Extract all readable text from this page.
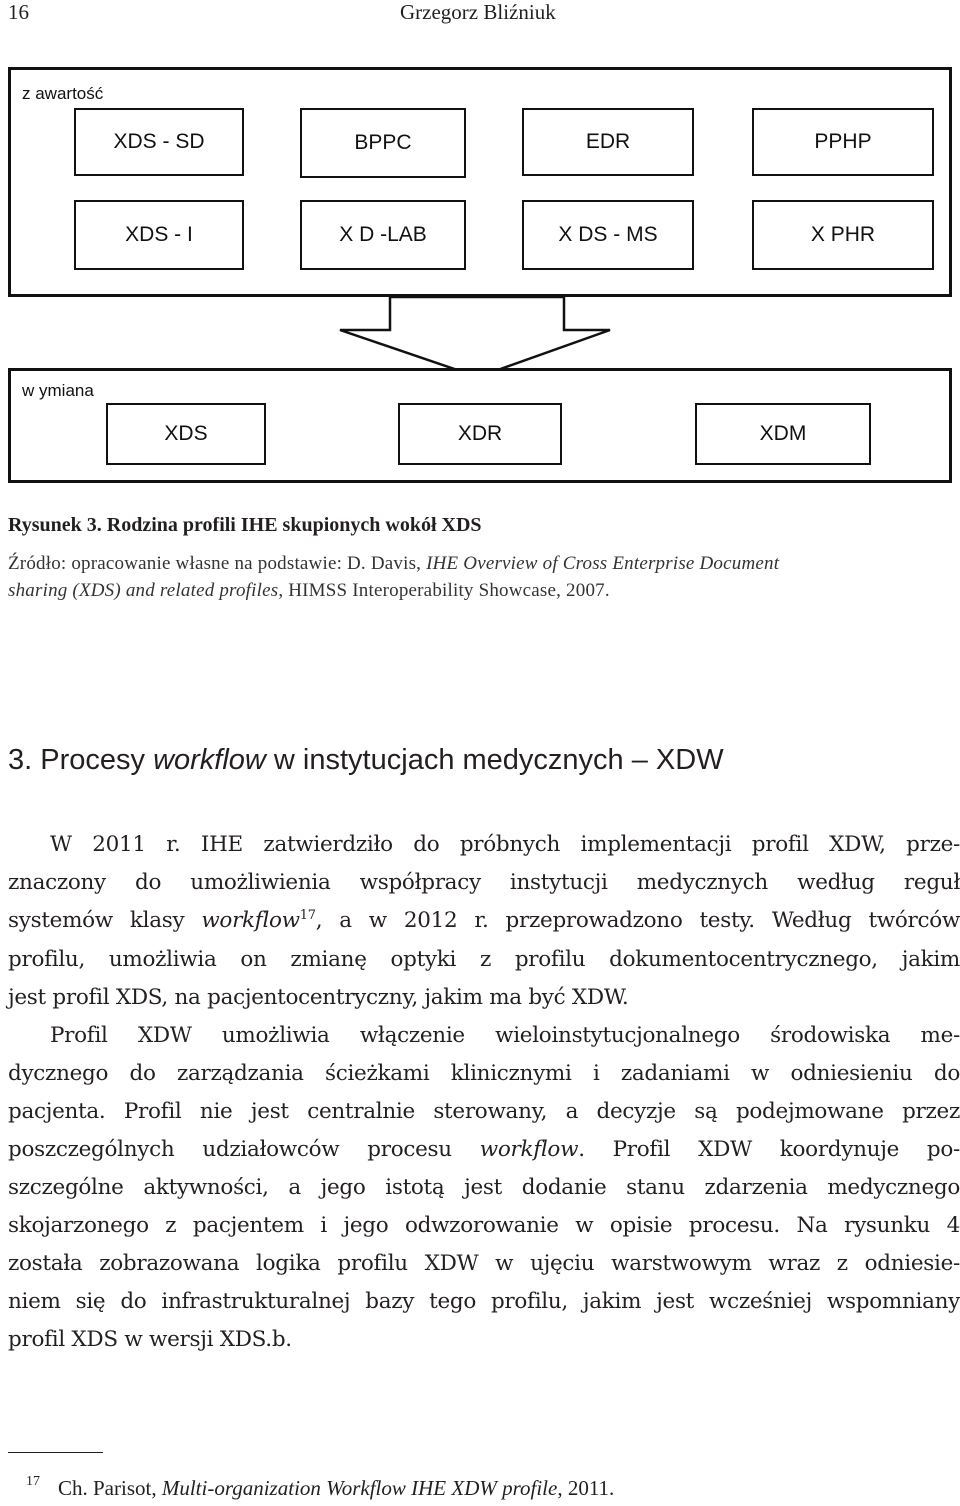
16	Grzegorz Bliźniuk
z awartość
XDS - SD	BPPC	EDR	PPHP
XDS - I	X D -LAB	X DS - MS	X PHR
w ymiana
XDS	XDR	XDM
Rysunek 3. Rodzina profili IHE skupionych wokół XDS
Źródło: opracowanie własne na podstawie: D. Davis, IHE Overview of Cross Enterprise Document
sharing (XDS) and related profiles, HIMSS Interoperability Showcase, 2007.
3. Procesy workflow w instytucjach medycznych – XDW
W 2011 r. IHE zatwierdziło do próbnych implementacji profil XDW, prze-
znaczony do umożliwienia współpracy instytucji medycznych według reguł
systemów klasy workflow$^{17}$, a w 2012 r. przeprowadzono testy. Według twórców
profilu, umożliwia on zmianę optyki z profilu dokumentocentrycznego, jakim
jest profil XDS, na pacjentocentryczny, jakim ma być XDW.
Profil XDW umożliwia włączenie wieloinstytucjonalnego środowiska me-
dycznego do zarządzania ścieżkami klinicznymi i zadaniami w odniesieniu do
pacjenta. Profil nie jest centralnie sterowany, a decyzje są podejmowane przez
poszczególnych udziałowców procesu workflow. Profil XDW koordynuje po-
szczególne aktywności, a jego istotą jest dodanie stanu zdarzenia medycznego
skojarzonego z pacjentem i jego odwzorowanie w opisie procesu. Na rysunku 4
została zobrazowana logika profilu XDW w ujęciu warstwowym wraz z odniesie-
niem się do infrastrukturalnej bazy tego profilu, jakim jest wcześniej wspomniany
profil XDS w wersji XDS.b.
17 Ch. Parisot, Multi-organization Workflow IHE XDW profile, 2011.
